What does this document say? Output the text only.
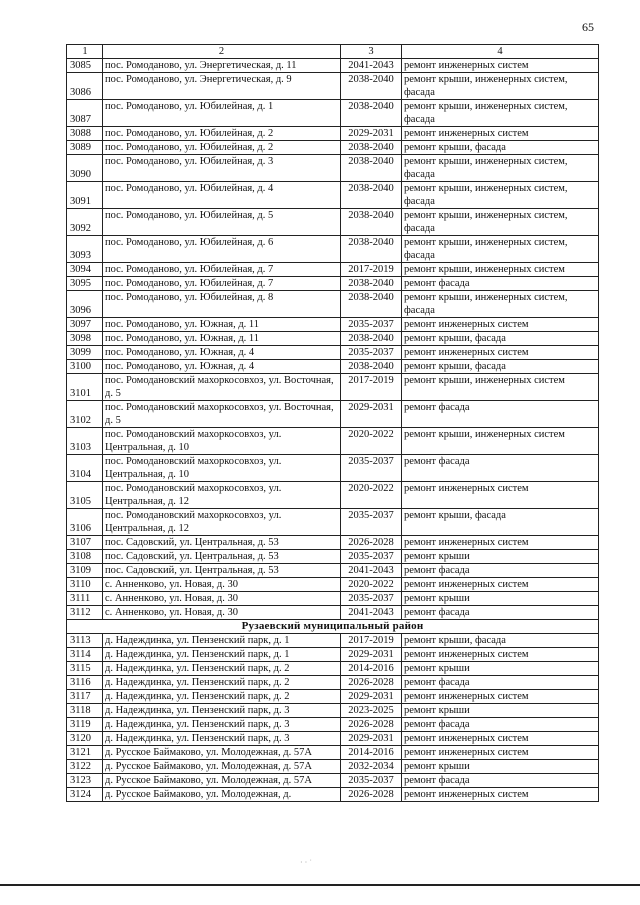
65
1	2	3	4
3085	пос. Ромоданово, ул. Энергетическая, д. 11	2041-2043	ремонт инженерных систем
3086	пос. Ромоданово, ул. Энергетическая, д. 9	2038-2040	ремонт крыши, инженерных систем, фасада
3087	пос. Ромоданово, ул. Юбилейная, д. 1	2038-2040	ремонт крыши, инженерных систем, фасада
3088	пос. Ромоданово, ул. Юбилейная, д. 2	2029-2031	ремонт инженерных систем
3089	пос. Ромоданово, ул. Юбилейная, д. 2	2038-2040	ремонт крыши, фасада
3090	пос. Ромоданово, ул. Юбилейная, д. 3	2038-2040	ремонт крыши, инженерных систем, фасада
3091	пос. Ромоданово, ул. Юбилейная, д. 4	2038-2040	ремонт крыши, инженерных систем, фасада
3092	пос. Ромоданово, ул. Юбилейная, д. 5	2038-2040	ремонт крыши, инженерных систем, фасада
3093	пос. Ромоданово, ул. Юбилейная, д. 6	2038-2040	ремонт крыши, инженерных систем, фасада
3094	пос. Ромоданово, ул. Юбилейная, д. 7	2017-2019	ремонт крыши, инженерных систем
3095	пос. Ромоданово, ул. Юбилейная, д. 7	2038-2040	ремонт фасада
3096	пос. Ромоданово, ул. Юбилейная, д. 8	2038-2040	ремонт крыши, инженерных систем, фасада
3097	пос. Ромоданово, ул. Южная, д. 11	2035-2037	ремонт инженерных систем
3098	пос. Ромоданово, ул. Южная, д. 11	2038-2040	ремонт крыши, фасада
3099	пос. Ромоданово, ул. Южная, д. 4	2035-2037	ремонт инженерных систем
3100	пос. Ромоданово, ул. Южная, д. 4	2038-2040	ремонт крыши, фасада
3101	пос. Ромодановский махоркосовхоз, ул. Восточная, д. 5	2017-2019	ремонт крыши, инженерных систем
3102	пос. Ромодановский махоркосовхоз, ул. Восточная, д. 5	2029-2031	ремонт фасада
3103	пос. Ромодановский махоркосовхоз, ул. Центральная, д. 10	2020-2022	ремонт крыши, инженерных систем
3104	пос. Ромодановский махоркосовхоз, ул. Центральная, д. 10	2035-2037	ремонт фасада
3105	пос. Ромодановский махоркосовхоз, ул. Центральная, д. 12	2020-2022	ремонт инженерных систем
3106	пос. Ромодановский махоркосовхоз, ул. Центральная, д. 12	2035-2037	ремонт крыши, фасада
3107	пос. Садовский, ул. Центральная, д. 53	2026-2028	ремонт инженерных систем
3108	пос. Садовский, ул. Центральная, д. 53	2035-2037	ремонт крыши
3109	пос. Садовский, ул. Центральная, д. 53	2041-2043	ремонт фасада
3110	с. Анненково, ул. Новая, д. 30	2020-2022	ремонт инженерных систем
3111	с. Анненково, ул. Новая, д. 30	2035-2037	ремонт крыши
3112	с. Анненково, ул. Новая, д. 30	2041-2043	ремонт фасада
Рузаевский муниципальный район			
3113	д. Надеждинка, ул. Пензенский парк, д. 1	2017-2019	ремонт крыши, фасада
3114	д. Надеждинка, ул. Пензенский парк, д. 1	2029-2031	ремонт инженерных систем
3115	д. Надеждинка, ул. Пензенский парк, д. 2	2014-2016	ремонт крыши
3116	д. Надеждинка, ул. Пензенский парк, д. 2	2026-2028	ремонт фасада
3117	д. Надеждинка, ул. Пензенский парк, д. 2	2029-2031	ремонт инженерных систем
3118	д. Надеждинка, ул. Пензенский парк, д. 3	2023-2025	ремонт крыши
3119	д. Надеждинка, ул. Пензенский парк, д. 3	2026-2028	ремонт фасада
3120	д. Надеждинка, ул. Пензенский парк, д. 3	2029-2031	ремонт инженерных систем
3121	д. Русское Баймаково, ул. Молодежная, д. 57А	2014-2016	ремонт инженерных систем
3122	д. Русское Баймаково, ул. Молодежная, д. 57А	2032-2034	ремонт крыши
3123	д. Русское Баймаково, ул. Молодежная, д. 57А	2035-2037	ремонт фасада
3124	д. Русское Баймаково, ул. Молодежная, д.	2026-2028	ремонт инженерных систем
· · ˙
